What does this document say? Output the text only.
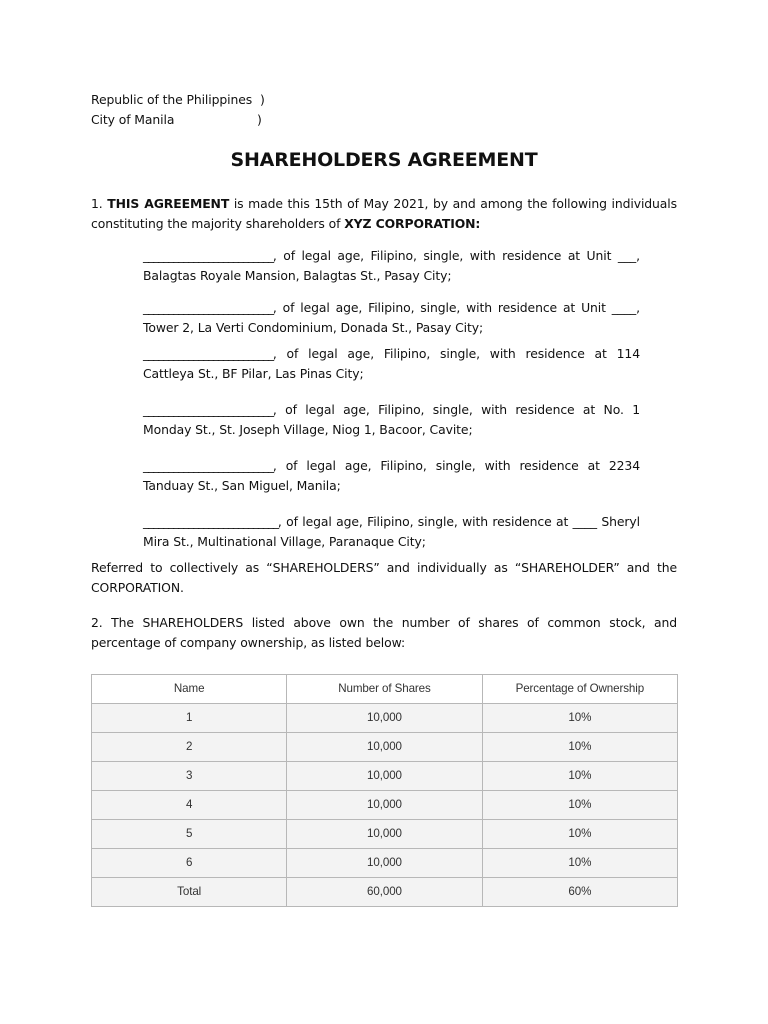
Republic of the Philippines )
City of Manila	)
SHAREHOLDERS AGREEMENT
1. THIS AGREEMENT is made this 15th of May 2021, by and among the following individuals constituting the majority shareholders of XYZ CORPORATION:
__________________________, of legal age, Filipino, single, with residence at Unit ___, Balagtas Royale Mansion, Balagtas St., Pasay City;
__________________________, of legal age, Filipino, single, with residence at Unit ____, Tower 2, La Verti Condominium, Donada St., Pasay City;
__________________________, of legal age, Filipino, single, with residence at 114 Cattleya St., BF Pilar, Las Pinas City;
__________________________, of legal age, Filipino, single, with residence at No. 1 Monday St., St. Joseph Village, Niog 1, Bacoor, Cavite;
__________________________, of legal age, Filipino, single, with residence at 2234 Tanduay St., San Miguel, Manila;
___________________________, of legal age, Filipino, single, with residence at ____ Sheryl Mira St., Multinational Village, Paranaque City;
Referred to collectively as “SHAREHOLDERS” and individually as “SHAREHOLDER” and the CORPORATION.
2. The SHAREHOLDERS listed above own the number of shares of common stock, and percentage of company ownership, as listed below:
Name	Number of Shares	Percentage of Ownership
1	10,000	10%
2	10,000	10%
3	10,000	10%
4	10,000	10%
5	10,000	10%
6	10,000	10%
Total	60,000	60%
